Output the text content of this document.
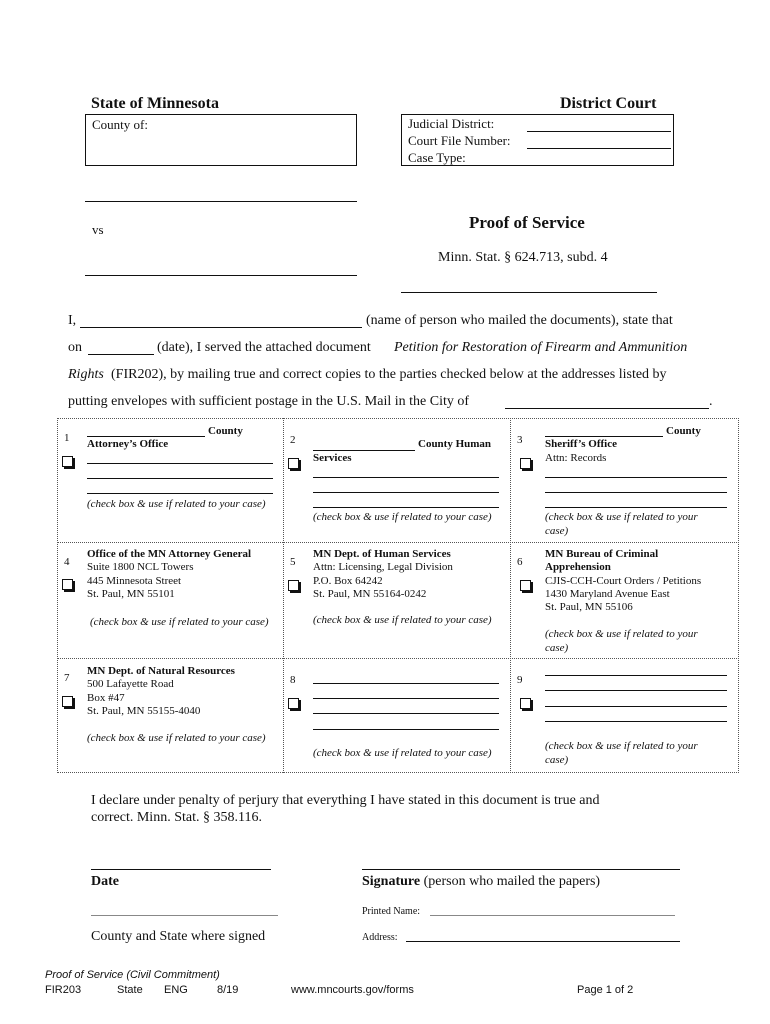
State of Minnesota	District Court
County of:	Judicial District:
Court File Number:
Case Type:
vs	Proof of Service
Minn. Stat. § 624.713, subd. 4
I,	(name of person who mailed the documents), state that
on	(date), I served the attached document Petition for Restoration of Firearm and Ammunition
Rights (FIR202), by mailing true and correct copies to the parties checked below at the addresses listed by
putting envelopes with sufficient postage in the U.S. Mail in the City of	.
1
County
Attorney’s Office
(check box & use if related to your case)
2	County Human
Services
(check box & use if related to your case)
3
County
Sheriff’s Office
Attn: Records
(check box & use if related to your case)
4
Office of the MN Attorney General
Suite 1800 NCL Towers
445 Minnesota Street
St. Paul, MN 55101
(check box & use if related to your case)
5
MN Dept. of Human Services
Attn: Licensing, Legal Division
P.O. Box 64242
St. Paul, MN 55164-0242
(check box & use if related to your case)
6
MN Bureau of Criminal
Apprehension
CJIS-CCH-Court Orders / Petitions
1430 Maryland Avenue East
St. Paul, MN 55106
(check box & use if related to your case)
7
MN Dept. of Natural Resources
500 Lafayette Road
Box #47
St. Paul, MN 55155-4040
(check box & use if related to your case)
8
(check box & use if related to your case)
9
(check box & use if related to your case)
I declare under penalty of perjury that everything I have stated in this document is true and
correct. Minn. Stat. § 358.116.
Date	Signature (person who mailed the papers)
Printed Name:
County and State where signed	Address:
Proof of Service (Civil Commitment)
FIR203	State ENG	8/19	www.mncourts.gov/forms	Page 1 of 2
